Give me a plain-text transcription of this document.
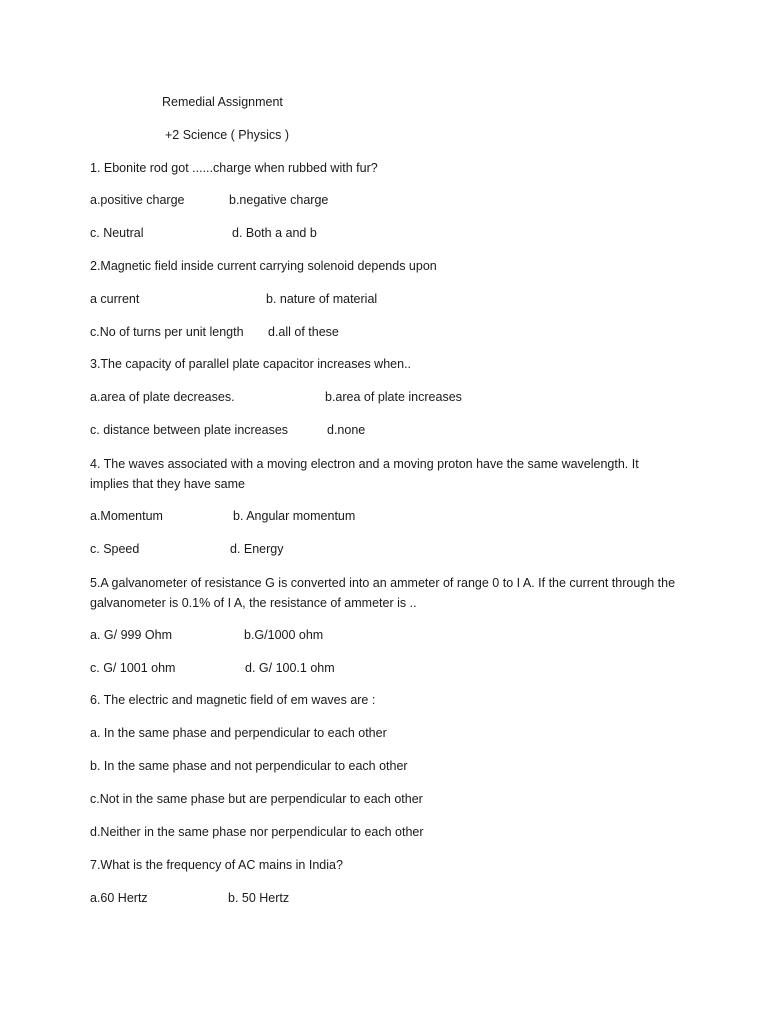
Remedial Assignment
+2 Science ( Physics )
1. Ebonite rod got ......charge when rubbed with fur?
a.positive charge	b.negative charge
c. Neutral	d. Both a and b
2.Magnetic field inside current carrying solenoid depends upon
a current	b. nature of material
c.No of turns per unit length d.all of these
3.The capacity of parallel plate capacitor increases when..
a.area of plate decreases.	b.area of plate increases
c. distance between plate increases	d.none
4. The waves associated with a moving electron and a moving proton have the same wavelength. It implies that they have same
a.Momentum	b. Angular momentum
c. Speed	d. Energy
5.A galvanometer of resistance G is converted into an ammeter of range 0 to I A. If the current through the galvanometer is 0.1% of I A, the resistance of ammeter is ..
a. G/ 999 Ohm	b.G/1000 ohm
c. G/ 1001 ohm	d. G/ 100.1 ohm
6. The electric and magnetic field of em waves are :
a. In the same phase and perpendicular to each other
b. In the same phase and not perpendicular to each other
c.Not in the same phase but are perpendicular to each other
d.Neither in the same phase nor perpendicular to each other
7.What is the frequency of AC mains in India?
a.60 Hertz	b. 50 Hertz
